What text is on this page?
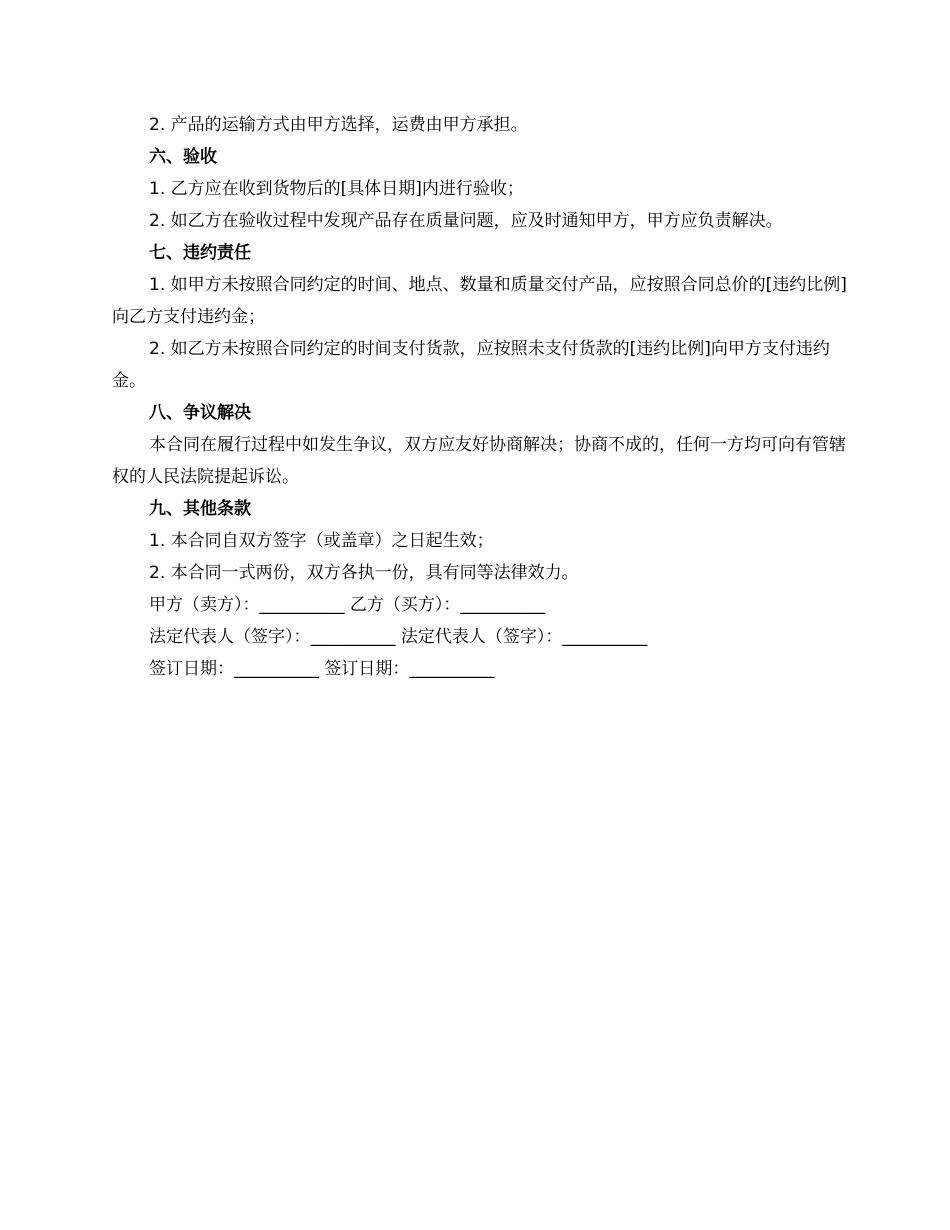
2. 产品的运输方式由甲方选择，运费由甲方承担。

六、验收

1. 乙方应在收到货物后的[具体日期]内进行验收；

2. 如乙方在验收过程中发现产品存在质量问题，应及时通知甲方，甲方应负责解决。

七、违约责任

1. 如甲方未按照合同约定的时间、地点、数量和质量交付产品，应按照合同总价的[违约比例]向乙方支付违约金；

2. 如乙方未按照合同约定的时间支付货款，应按照未支付货款的[违约比例]向甲方支付违约金。

八、争议解决

本合同在履行过程中如发生争议，双方应友好协商解决；协商不成的，任何一方均可向有管辖权的人民法院提起诉讼。

九、其他条款

1. 本合同自双方签字（或盖章）之日起生效；

2. 本合同一式两份，双方各执一份，具有同等法律效力。

甲方（卖方）：__________ 乙方（买方）：__________

法定代表人（签字）：__________ 法定代表人（签字）：__________

签订日期：__________ 签订日期：__________
